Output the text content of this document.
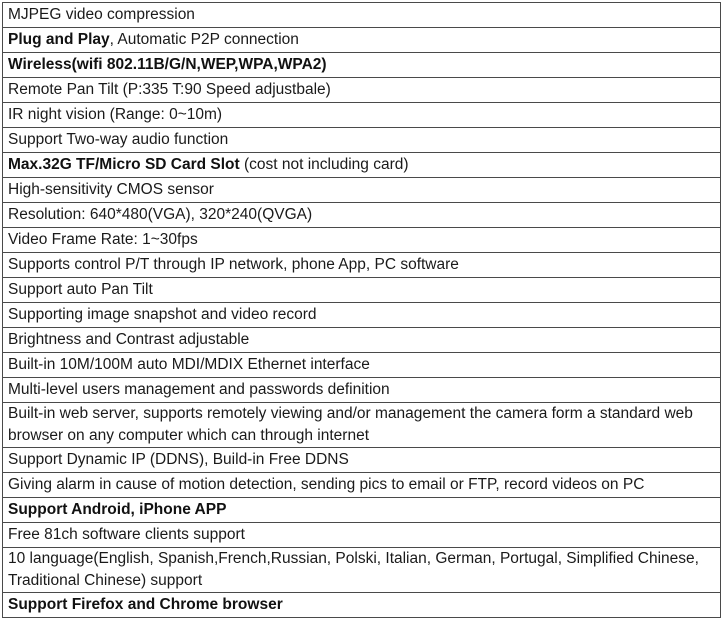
MJPEG video compression
Plug and Play, Automatic P2P connection
Wireless(wifi 802.11B/G/N,WEP,WPA,WPA2)
Remote Pan Tilt (P:335 T:90 Speed adjustbale)
IR night vision (Range: 0~10m)
Support Two-way audio function
Max.32G TF/Micro SD Card Slot (cost not including card)
High-sensitivity CMOS sensor
Resolution: 640*480(VGA), 320*240(QVGA)
Video Frame Rate: 1~30fps
Supports control P/T through IP network, phone App, PC software
Support auto Pan Tilt
Supporting image snapshot and video record
Brightness and Contrast adjustable
Built-in 10M/100M auto MDI/MDIX Ethernet interface
Multi-level users management and passwords definition
Built-in web server, supports remotely viewing and/or management the camera form a standard web browser on any computer which can through internet
Support Dynamic IP (DDNS), Build-in Free DDNS
Giving alarm in cause of motion detection, sending pics to email or FTP, record videos on PC
Support Android, iPhone APP
Free 81ch software clients support
10 language(English, Spanish,French,Russian, Polski, Italian, German, Portugal, Simplified Chinese, Traditional Chinese) support
Support Firefox and Chrome browser
